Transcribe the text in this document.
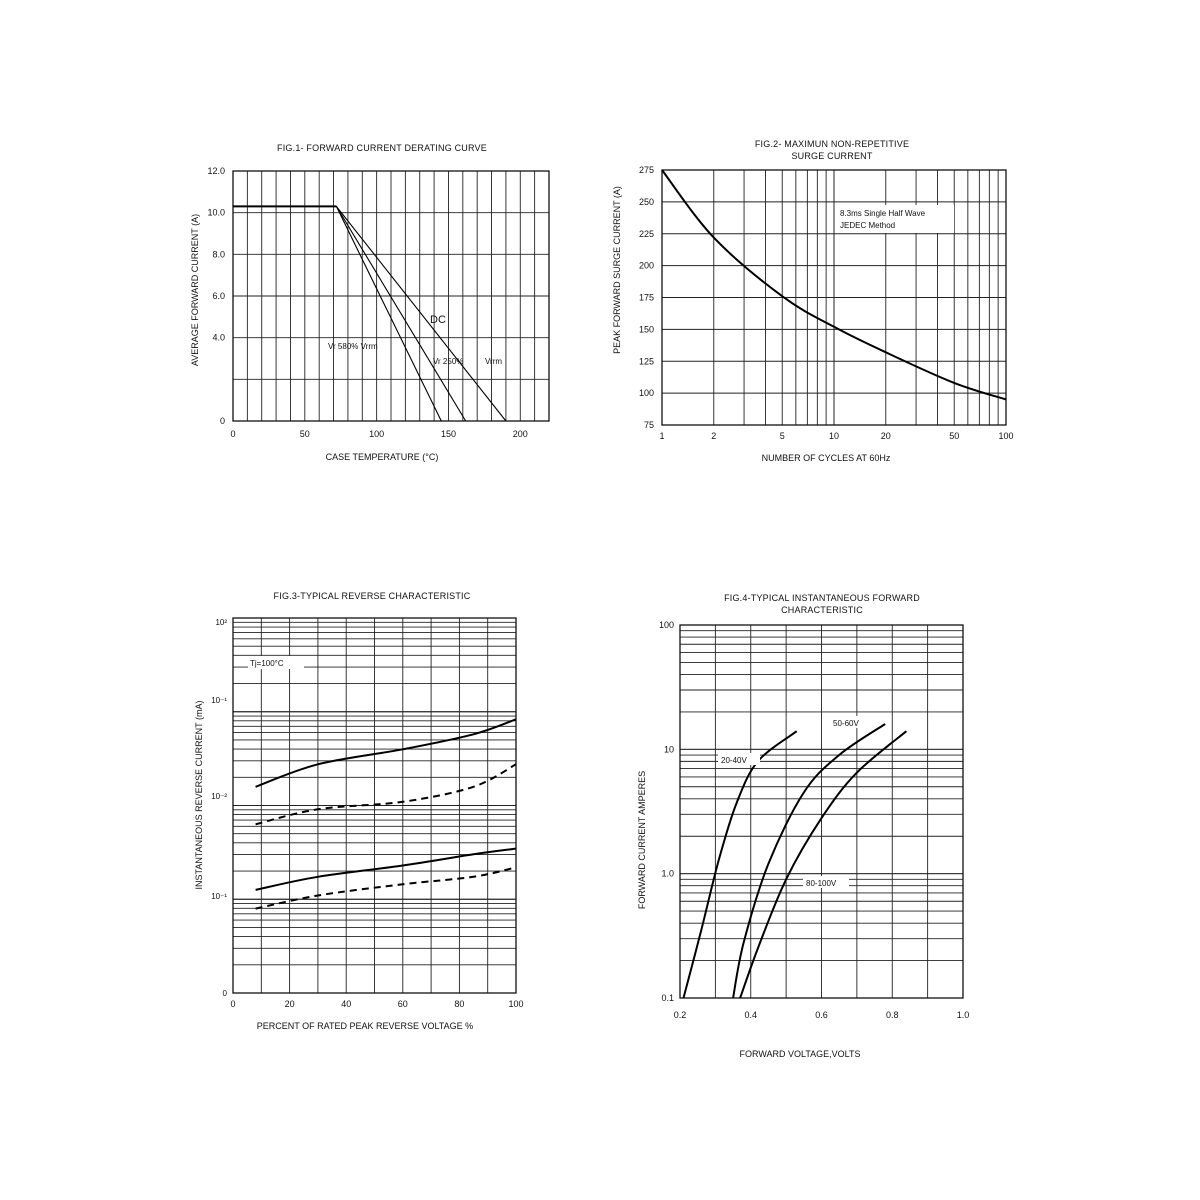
FIG.1- FORWARD CURRENT DERATING CURVE
0
4.0
6.0
8.0
10.0
12.0
0	50	100	150	200
AVERAGE FORWARD CURRENT (A)
CASE TEMPERATURE (°C)
DC
Vr 580% Vrrm
Vr 250%	Vrrm
FIG.2- MAXIMUN NON-REPETITIVE
SURGE CURRENT
75
100
125
150
175
200
225
250
275
1	2	5	10	20	50	100
8.3ms Single Half Wave
JEDEC Method
PEAK FORWARD SURGE CURRENT (A)
NUMBER OF CYCLES AT 60Hz
FIG.3-TYPICAL REVERSE CHARACTERISTIC
0
10⁻¹
10⁻²
10⁻¹
10²
0	20	40	60	80	100
Tj=100°C
INSTANTANEOUS REVERSE CURRENT (mA)
PERCENT OF RATED PEAK REVERSE VOLTAGE %
FIG.4-TYPICAL INSTANTANEOUS FORWARD
CHARACTERISTIC
0.1
1.0
10
100
0.2	0.4	0.6	0.8	1.0
20-40V
50-60V
80-100V
FORWARD CURRENT AMPERES
FORWARD VOLTAGE,VOLTS
